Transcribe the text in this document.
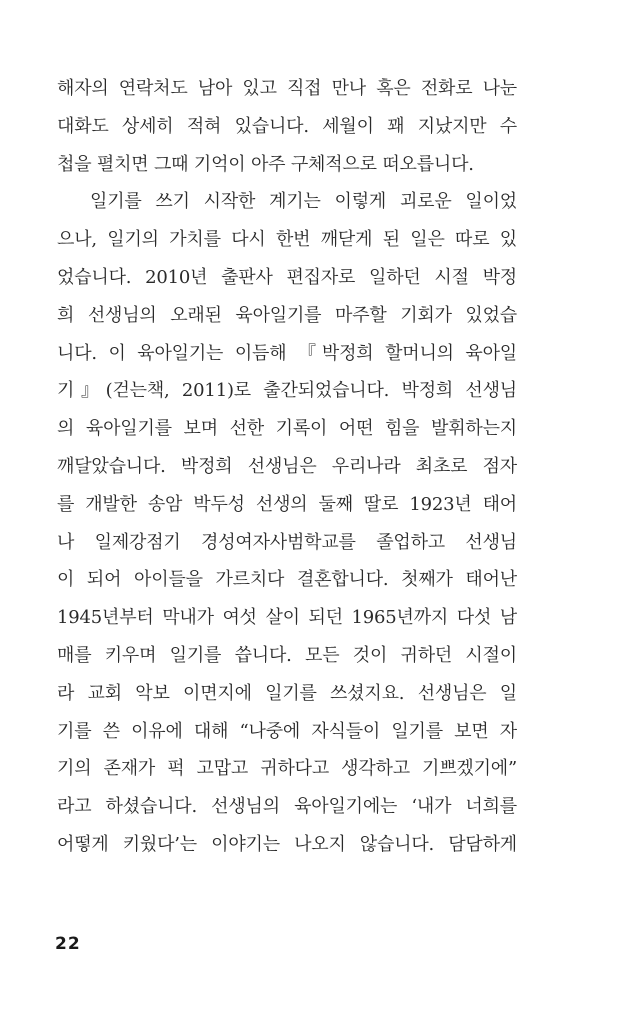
해자의 연락처도 남아 있고 직접 만나 혹은 전화로 나눈
대화도 상세히 적혀 있습니다. 세월이 꽤 지났지만 수
첩을 펼치면 그때 기억이 아주 구체적으로 떠오릅니다.
일기를 쓰기 시작한 계기는 이렇게 괴로운 일이었
으나, 일기의 가치를 다시 한번 깨닫게 된 일은 따로 있
었습니다. 2010년 출판사 편집자로 일하던 시절 박정
희 선생님의 오래된 육아일기를 마주할 기회가 있었습
니다. 이 육아일기는 이듬해 『박정희 할머니의 육아일
기』(걷는책, 2011)로 출간되었습니다. 박정희 선생님
의 육아일기를 보며 선한 기록이 어떤 힘을 발휘하는지
깨달았습니다. 박정희 선생님은 우리나라 최초로 점자
를 개발한 송암 박두성 선생의 둘째 딸로 1923년 태어
나 일제강점기 경성여자사범학교를 졸업하고 선생님
이 되어 아이들을 가르치다 결혼합니다. 첫째가 태어난
1945년부터 막내가 여섯 살이 되던 1965년까지 다섯 남
매를 키우며 일기를 씁니다. 모든 것이 귀하던 시절이
라 교회 악보 이면지에 일기를 쓰셨지요. 선생님은 일
기를 쓴 이유에 대해 “나중에 자식들이 일기를 보면 자
기의 존재가 퍽 고맙고 귀하다고 생각하고 기쁘겠기에”
라고 하셨습니다. 선생님의 육아일기에는 ‘내가 너희를
어떻게 키웠다’는 이야기는 나오지 않습니다. 담담하게
22
